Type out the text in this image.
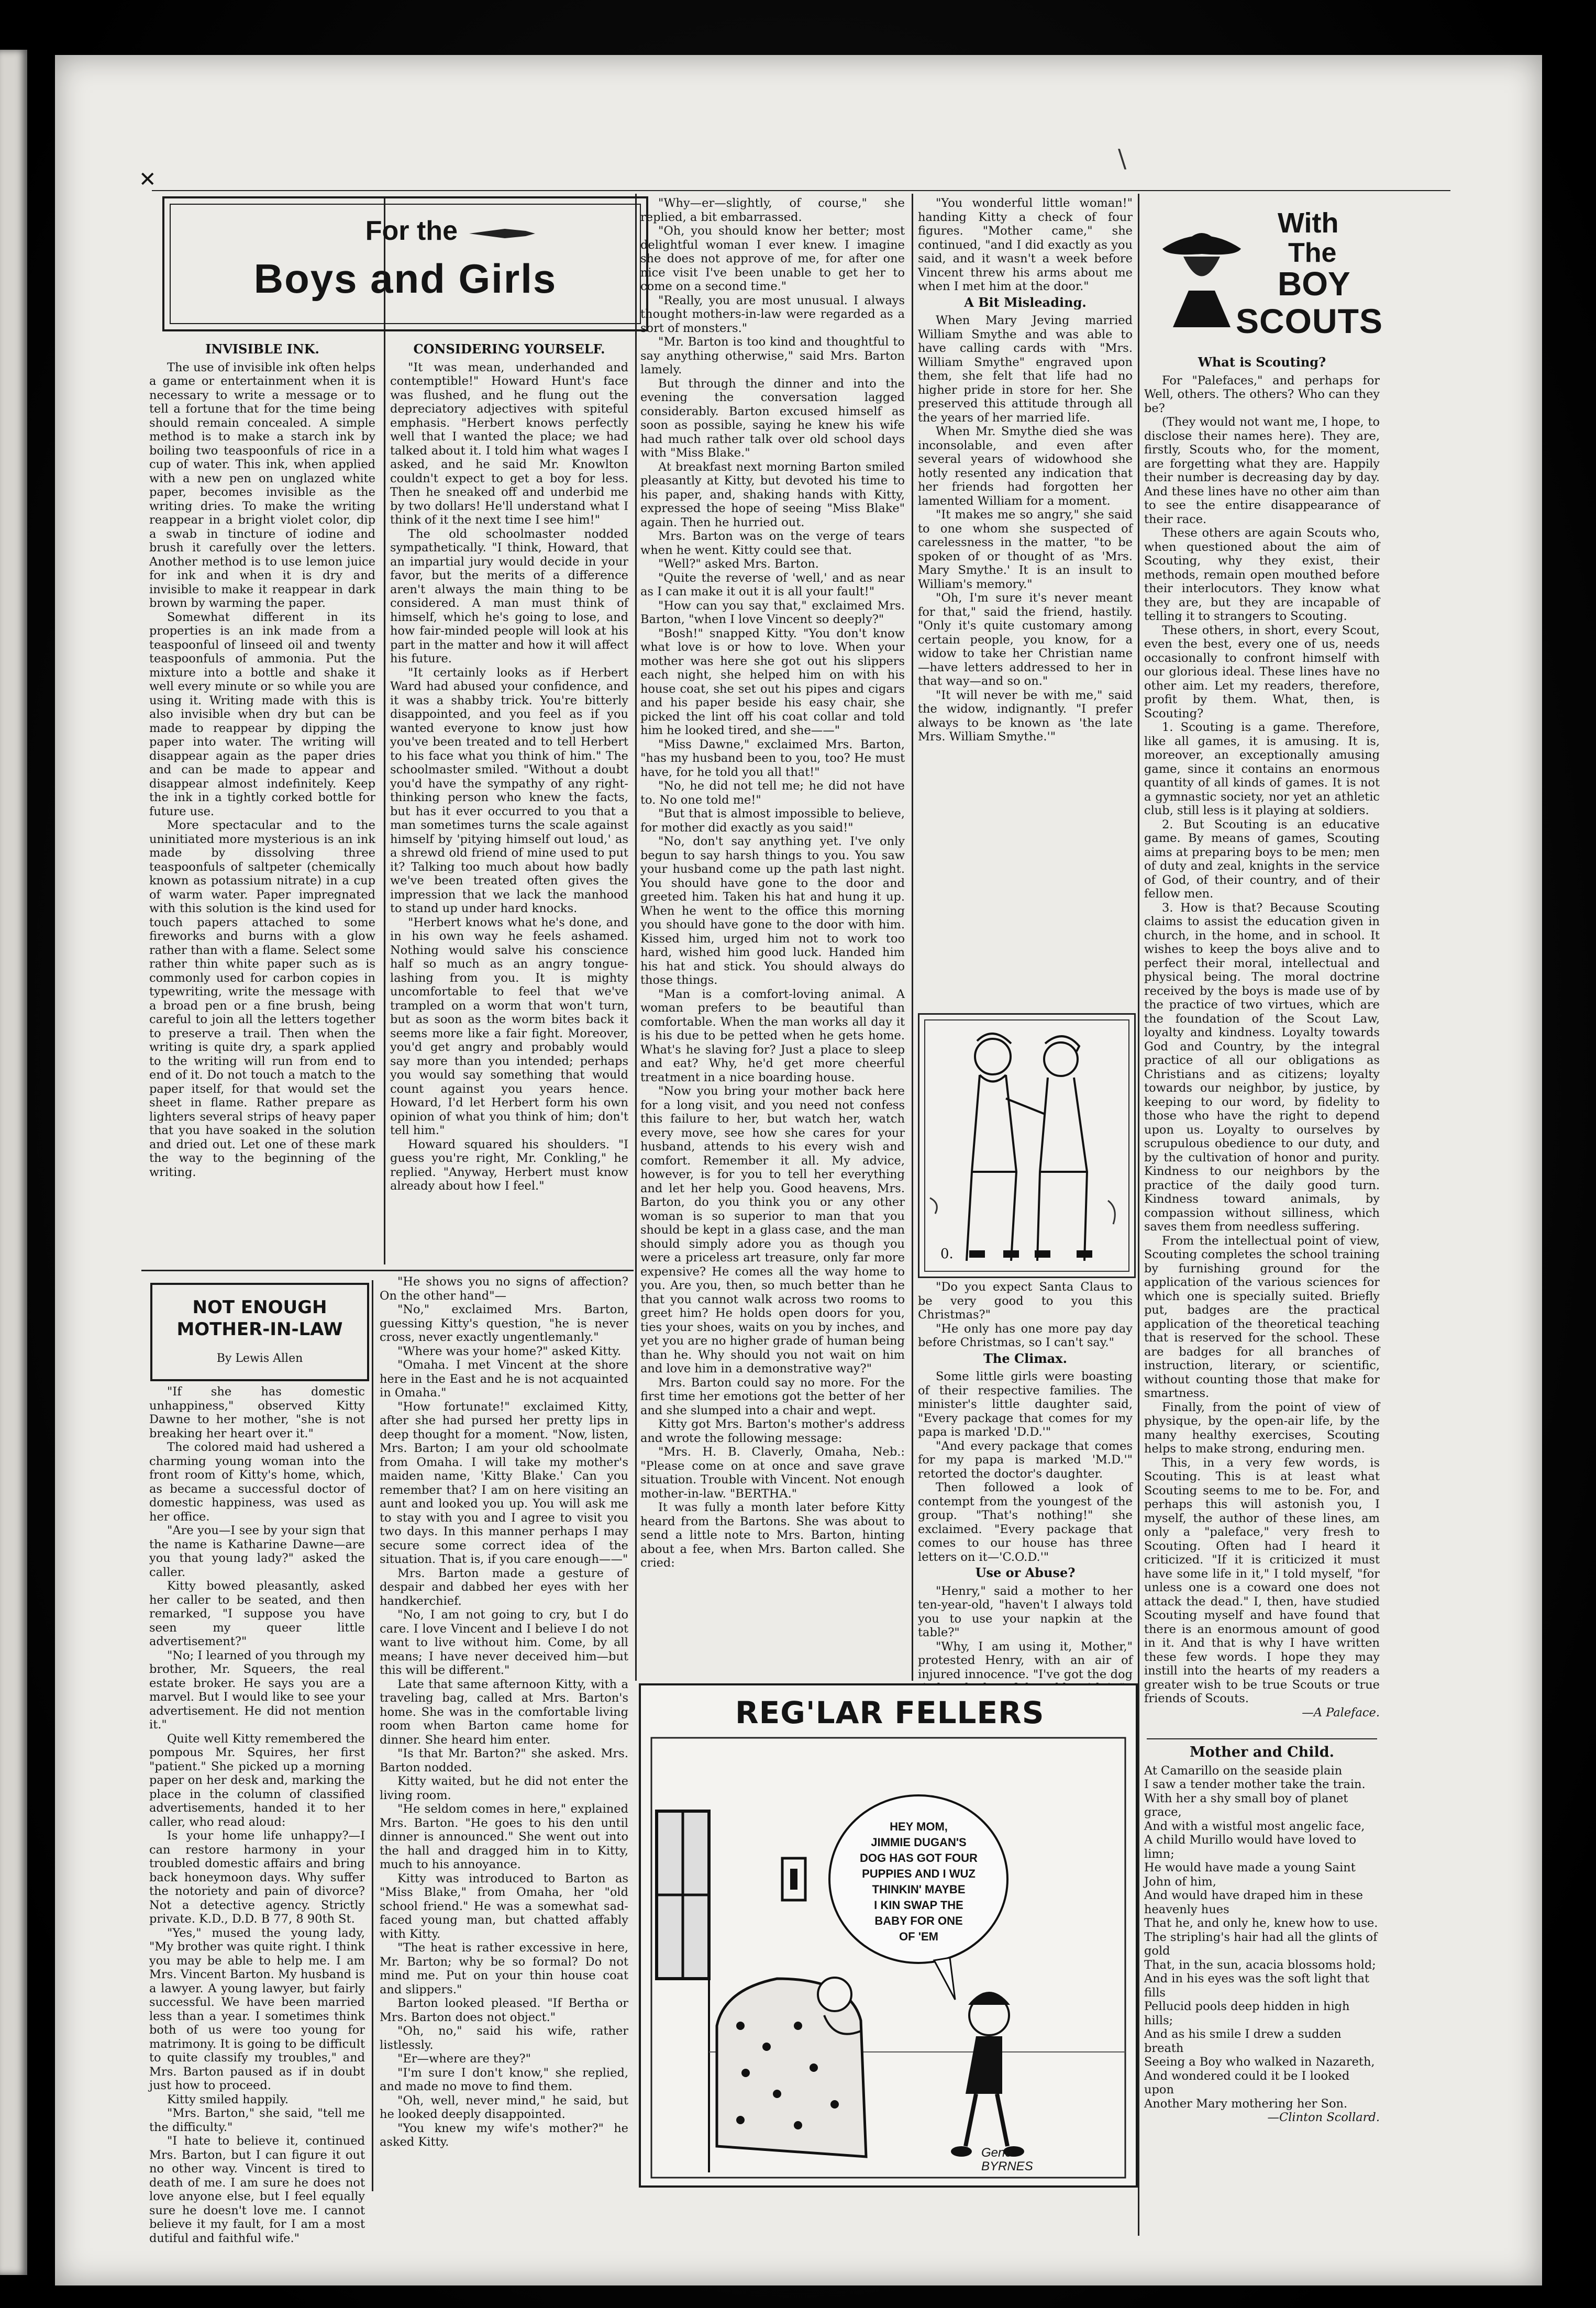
\
✕
For the
Boys and Girls
INVISIBLE INK.

The use of invisible ink often helps a game or entertainment when it is necessary to write a message or to tell a fortune that for the time being should remain concealed. A simple method is to make a starch ink by boiling two teaspoonfuls of rice in a cup of water. This ink, when applied with a new pen on unglazed white paper, becomes invisible as the writing dries. To make the writing reappear in a bright violet color, dip a swab in tincture of iodine and brush it carefully over the letters. Another method is to use lemon juice for ink and when it is dry and invisible to make it reappear in dark brown by warming the paper.

Somewhat different in its properties is an ink made from a teaspoonful of linseed oil and twenty teaspoonfuls of ammonia. Put the mixture into a bottle and shake it well every minute or so while you are using it. Writing made with this is also invisible when dry but can be made to reappear by dipping the paper into water. The writing will disappear again as the paper dries and can be made to appear and disappear almost indefinitely. Keep the ink in a tightly corked bottle for future use.

More spectacular and to the uninitiated more mysterious is an ink made by dissolving three teaspoonfuls of saltpeter (chemically known as potassium nitrate) in a cup of warm water. Paper impregnated with this solution is the kind used for touch papers attached to some fireworks and burns with a glow rather than with a flame. Select some rather thin white paper such as is commonly used for carbon copies in typewriting, write the message with a broad pen or a fine brush, being careful to join all the letters together to preserve a trail. Then when the writing is quite dry, a spark applied to the writing will run from end to end of it. Do not touch a match to the paper itself, for that would set the sheet in flame. Rather prepare as lighters several strips of heavy paper that you have soaked in the solution and dried out. Let one of these mark the way to the beginning of the writing.

CONSIDERING YOURSELF.

"It was mean, underhanded and contemptible!" Howard Hunt's face was flushed, and he flung out the depreciatory adjectives with spiteful emphasis. "Herbert knows perfectly well that I wanted the place; we had talked about it. I told him what wages I asked, and he said Mr. Knowlton couldn't expect to get a boy for less. Then he sneaked off and underbid me by two dollars! He'll understand what I think of it the next time I see him!"

The old schoolmaster nodded sympathetically. "I think, Howard, that an impartial jury would decide in your favor, but the merits of a difference aren't always the main thing to be considered. A man must think of himself, which he's going to lose, and how fair-minded people will look at his part in the matter and how it will affect his future.

"It certainly looks as if Herbert Ward had abused your confidence, and it was a shabby trick. You're bitterly disappointed, and you feel as if you wanted everyone to know just how you've been treated and to tell Herbert to his face what you think of him." The schoolmaster smiled. "Without a doubt you'd have the sympathy of any right-thinking person who knew the facts, but has it ever occurred to you that a man sometimes turns the scale against himself by 'pitying himself out loud,' as a shrewd old friend of mine used to put it? Talking too much about how badly we've been treated often gives the impression that we lack the manhood to stand up under hard knocks.

"Herbert knows what he's done, and in his own way he feels ashamed. Nothing would salve his conscience half so much as an angry tongue-lashing from you. It is mighty uncomfortable to feel that we've trampled on a worm that won't turn, but as soon as the worm bites back it seems more like a fair fight. Moreover, you'd get angry and probably would say more than you intended; perhaps you would say something that would count against you years hence. Howard, I'd let Herbert form his own opinion of what you think of him; don't tell him."

Howard squared his shoulders. "I guess you're right, Mr. Conkling," he replied. "Anyway, Herbert must know already about how I feel."

NOT ENOUGH MOTHER-IN-LAW
By Lewis Allen

"If she has domestic unhappiness," observed Kitty Dawne to her mother, "she is not breaking her heart over it."

The colored maid had ushered a charming young woman into the front room of Kitty's home, which, as became a successful doctor of domestic happiness, was used as her office.

"Are you—I see by your sign that the name is Katharine Dawne—are you that young lady?" asked the caller.

Kitty bowed pleasantly, asked her caller to be seated, and then remarked, "I suppose you have seen my queer little advertisement?"

"No; I learned of you through my brother, Mr. Squeers, the real estate broker. He says you are a marvel. But I would like to see your advertisement. He did not mention it."

Quite well Kitty remembered the pompous Mr. Squires, her first "patient." She picked up a morning paper on her desk and, marking the place in the column of classified advertisements, handed it to her caller, who read aloud:

Is your home life unhappy?—I can restore harmony in your troubled domestic affairs and bring back honeymoon days. Why suffer the notoriety and pain of divorce? Not a detective agency. Strictly private. K.D., D.D. B 77, 8 90th St.

"Yes," mused the young lady, "My brother was quite right. I think you may be able to help me. I am Mrs. Vincent Barton. My husband is a lawyer. A young lawyer, but fairly successful. We have been married less than a year. I sometimes think both of us were too young for matrimony. It is going to be difficult to quite classify my troubles," and Mrs. Barton paused as if in doubt just how to proceed.

Kitty smiled happily.

"Mrs. Barton," she said, "tell me the difficulty."

"I hate to believe it, continued Mrs. Barton, but I can figure it out no other way. Vincent is tired to death of me. I am sure he does not love anyone else, but I feel equally sure he doesn't love me. I cannot believe it my fault, for I am a most dutiful and faithful wife."

"He shows you no signs of affection? On the other hand"—

"No," exclaimed Mrs. Barton, guessing Kitty's question, "he is never cross, never exactly ungentlemanly."

"Where was your home?" asked Kitty.

"Omaha. I met Vincent at the shore here in the East and he is not acquainted in Omaha."

"How fortunate!" exclaimed Kitty, after she had pursed her pretty lips in deep thought for a moment. "Now, listen, Mrs. Barton; I am your old schoolmate from Omaha. I will take my mother's maiden name, 'Kitty Blake.' Can you remember that? I am on here visiting an aunt and looked you up. You will ask me to stay with you and I agree to visit you two days. In this manner perhaps I may secure some correct idea of the situation. That is, if you care enough——"

Mrs. Barton made a gesture of despair and dabbed her eyes with her handkerchief.

"No, I am not going to cry, but I do care. I love Vincent and I believe I do not want to live without him. Come, by all means; I have never deceived him—but this will be different."

Late that same afternoon Kitty, with a traveling bag, called at Mrs. Barton's home. She was in the comfortable living room when Barton came home for dinner. She heard him enter.

"Is that Mr. Barton?" she asked. Mrs. Barton nodded.

Kitty waited, but he did not enter the living room.

"He seldom comes in here," explained Mrs. Barton. "He goes to his den until dinner is announced." She went out into the hall and dragged him in to Kitty, much to his annoyance.

Kitty was introduced to Barton as "Miss Blake," from Omaha, her "old school friend." He was a somewhat sad-faced young man, but chatted affably with Kitty.

"The heat is rather excessive in here, Mr. Barton; why be so formal? Do not mind me. Put on your thin house coat and slippers."

Barton looked pleased. "If Bertha or Mrs. Barton does not object."

"Oh, no," said his wife, rather listlessly.

"Er—where are they?"

"I'm sure I don't know," she replied, and made no move to find them.

"Oh, well, never mind," he said, but he looked deeply disappointed.

"You knew my wife's mother?" he asked Kitty.

"Why—er—slightly, of course," she replied, a bit embarrassed.

"Oh, you should know her better; most delightful woman I ever knew. I imagine she does not approve of me, for after one nice visit I've been unable to get her to come on a second time."

"Really, you are most unusual. I always thought mothers-in-law were regarded as a sort of monsters."

"Mr. Barton is too kind and thoughtful to say anything otherwise," said Mrs. Barton lamely.

But through the dinner and into the evening the conversation lagged considerably. Barton excused himself as soon as possible, saying he knew his wife had much rather talk over old school days with "Miss Blake."

At breakfast next morning Barton smiled pleasantly at Kitty, but devoted his time to his paper, and, shaking hands with Kitty, expressed the hope of seeing "Miss Blake" again. Then he hurried out.

Mrs. Barton was on the verge of tears when he went. Kitty could see that.

"Well?" asked Mrs. Barton.

"Quite the reverse of 'well,' and as near as I can make it out it is all your fault!"

"How can you say that," exclaimed Mrs. Barton, "when I love Vincent so deeply?"

"Bosh!" snapped Kitty. "You don't know what love is or how to love. When your mother was here she got out his slippers each night, she helped him on with his house coat, she set out his pipes and cigars and his paper beside his easy chair, she picked the lint off his coat collar and told him he looked tired, and she——"

"Miss Dawne," exclaimed Mrs. Barton, "has my husband been to you, too? He must have, for he told you all that!"

"No, he did not tell me; he did not have to. No one told me!"

"But that is almost impossible to believe, for mother did exactly as you said!"

"No, don't say anything yet. I've only begun to say harsh things to you. You saw your husband come up the path last night. You should have gone to the door and greeted him. Taken his hat and hung it up. When he went to the office this morning you should have gone to the door with him. Kissed him, urged him not to work too hard, wished him good luck. Handed him his hat and stick. You should always do those things.

"Man is a comfort-loving animal. A woman prefers to be beautiful than comfortable. When the man works all day it is his due to be petted when he gets home. What's he slaving for? Just a place to sleep and eat? Why, he'd get more cheerful treatment in a nice boarding house.

"Now you bring your mother back here for a long visit, and you need not confess this failure to her, but watch her, watch every move, see how she cares for your husband, attends to his every wish and comfort. Remember it all. My advice, however, is for you to tell her everything and let her help you. Good heavens, Mrs. Barton, do you think you or any other woman is so superior to man that you should be kept in a glass case, and the man should simply adore you as though you were a priceless art treasure, only far more expensive? He comes all the way home to you. Are you, then, so much better than he that you cannot walk across two rooms to greet him? He holds open doors for you, ties your shoes, waits on you by inches, and yet you are no higher grade of human being than he. Why should you not wait on him and love him in a demonstrative way?"

Mrs. Barton could say no more. For the first time her emotions got the better of her and she slumped into a chair and wept.

Kitty got Mrs. Barton's mother's address and wrote the following message:

"Mrs. H. B. Claverly, Omaha, Neb.: "Please come on at once and save grave situation. Trouble with Vincent. Not enough mother-in-law. "BERTHA."

It was fully a month later before Kitty heard from the Bartons. She was about to send a little note to Mrs. Barton, hinting about a fee, when Mrs. Barton called. She cried:

"You wonderful little woman!" handing Kitty a check of four figures. "Mother came," she continued, "and I did exactly as you said, and it wasn't a week before Vincent threw his arms about me when I met him at the door."

A Bit Misleading.

When Mary Jeving married William Smythe and was able to have calling cards with "Mrs. William Smythe" engraved upon them, she felt that life had no higher pride in store for her. She preserved this attitude through all the years of her married life.

When Mr. Smythe died she was inconsolable, and even after several years of widowhood she hotly resented any indication that her friends had forgotten her lamented William for a moment.

"It makes me so angry," she said to one whom she suspected of carelessness in the matter, "to be spoken of or thought of as 'Mrs. Mary Smythe.' It is an insult to William's memory."

"Oh, I'm sure it's never meant for that," said the friend, hastily. "Only it's quite customary among certain people, you know, for a widow to take her Christian name—have letters addressed to her in that way—and so on."

"It will never be with me," said the widow, indignantly. "I prefer always to be known as 'the late Mrs. William Smythe.'"

0.

"Do you expect Santa Claus to be very good to you this Christmas?"

"He only has one more pay day before Christmas, so I can't say."

The Climax.

Some little girls were boasting of their respective families. The minister's little daughter said, "Every package that comes for my papa is marked 'D.D.'"

"And every package that comes for my papa is marked 'M.D.'" retorted the doctor's daughter.

Then followed a look of contempt from the youngest of the group. "That's nothing!" she exclaimed. "Every package that comes to our house has three letters on it—'C.O.D.'"

Use or Abuse?

"Henry," said a mother to her ten-year-old, "haven't I always told you to use your napkin at the table?"

"Why, I am using it, Mother," protested Henry, with an air of injured innocence. "I've got the dog

REG'LAR FELLERS
HEY MOM,
JIMMIE DUGAN'S
DOG HAS GOT FOUR
PUPPIES AND I WUZ
THINKIN' MAYBE
I KIN SWAP THE
BABY FOR ONE
OF 'EM
Gene
BYRNES
With
The
BOY
SCOUTS
What is Scouting?

For "Palefaces," and perhaps for Well, others. The others? Who can they be?

(They would not want me, I hope, to disclose their names here). They are, firstly, Scouts who, for the moment, are forgetting what they are. Happily their number is decreasing day by day. And these lines have no other aim than to see the entire disappearance of their race.

These others are again Scouts who, when questioned about the aim of Scouting, why they exist, their methods, remain open mouthed before their interlocutors. They know what they are, but they are incapable of telling it to strangers to Scouting.

These others, in short, every Scout, even the best, every one of us, needs occasionally to confront himself with our glorious ideal. These lines have no other aim. Let my readers, therefore, profit by them. What, then, is Scouting?

1. Scouting is a game. Therefore, like all games, it is amusing. It is, moreover, an exceptionally amusing game, since it contains an enormous quantity of all kinds of games. It is not a gymnastic society, nor yet an athletic club, still less is it playing at soldiers.

2. But Scouting is an educative game. By means of games, Scouting aims at preparing boys to be men; men of duty and zeal, knights in the service of God, of their country, and of their fellow men.

3. How is that? Because Scouting claims to assist the education given in church, in the home, and in school. It wishes to keep the boys alive and to perfect their moral, intellectual and physical being. The moral doctrine received by the boys is made use of by the practice of two virtues, which are the foundation of the Scout Law, loyalty and kindness. Loyalty towards God and Country, by the integral practice of all our obligations as Christians and as citizens; loyalty towards our neighbor, by justice, by keeping to our word, by fidelity to those who have the right to depend upon us. Loyalty to ourselves by scrupulous obedience to our duty, and by the cultivation of honor and purity. Kindness to our neighbors by the practice of the daily good turn. Kindness toward animals, by compassion without silliness, which saves them from needless suffering.

From the intellectual point of view, Scouting completes the school training by furnishing ground for the application of the various sciences for which one is specially suited. Briefly put, badges are the practical application of the theoretical teaching that is reserved for the school. These are badges for all branches of instruction, literary, or scientific, without counting those that make for smartness.

Finally, from the point of view of physique, by the open-air life, by the many healthy exercises, Scouting helps to make strong, enduring men.

This, in a very few words, is Scouting. This is at least what Scouting seems to me to be. For, and perhaps this will astonish you, I myself, the author of these lines, am only a "paleface," very fresh to Scouting. Often had I heard it criticized. "If it is criticized it must have some life in it," I told myself, "for unless one is a coward one does not attack the dead." I, then, have studied Scouting myself and have found that there is an enormous amount of good in it. And that is why I have written these few words. I hope they may instill into the hearts of my readers a greater wish to be true Scouts or true friends of Scouts.

—A Paleface.
Mother and Child.

At Camarillo on the seaside plain

I saw a tender mother take the train.

With her a shy small boy of planet grace,

And with a wistful most angelic face,

A child Murillo would have loved to limn;

He would have made a young Saint John of him,

And would have draped him in these heavenly hues

That he, and only he, knew how to use.

The stripling's hair had all the glints of gold

That, in the sun, acacia blossoms hold;

And in his eyes was the soft light that fills

Pellucid pools deep hidden in high hills;

And as his smile I drew a sudden breath

Seeing a Boy who walked in Nazareth,

And wondered could it be I looked upon

Another Mary mothering her Son.

—Clinton Scollard.
